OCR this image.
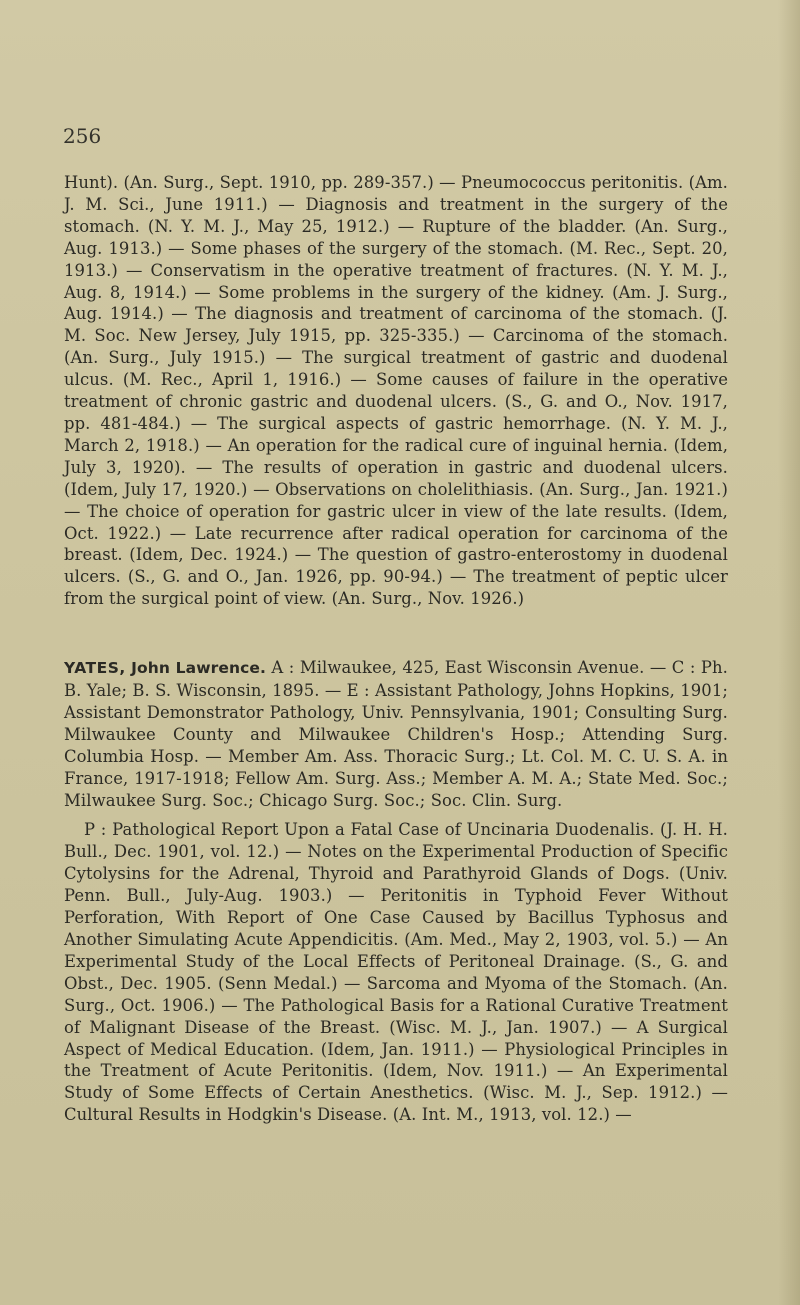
256

Hunt). (An. Surg., Sept. 1910, pp. 289-357.) — Pneumococcus peritonitis. (Am. J. M. Sci., June 1911.) — Diagnosis and treatment in the surgery of the stomach. (N. Y. M. J., May 25, 1912.) — Rupture of the bladder. (An. Surg., Aug. 1913.) — Some phases of the surgery of the stomach. (M. Rec., Sept. 20, 1913.) — Conservatism in the operative treatment of fractures. (N. Y. M. J., Aug. 8, 1914.) — Some problems in the surgery of the kidney. (Am. J. Surg., Aug. 1914.) — The diagnosis and treatment of carcinoma of the stomach. (J. M. Soc. New Jersey, July 1915, pp. 325-335.) — Carcinoma of the stomach. (An. Surg., July 1915.) — The surgical treatment of gastric and duodenal ulcus. (M. Rec., April 1, 1916.) — Some causes of failure in the operative treatment of chronic gastric and duodenal ulcers. (S., G. and O., Nov. 1917, pp. 481-484.) — The surgical aspects of gastric hemorrhage. (N. Y. M. J., March 2, 1918.) — An operation for the radical cure of inguinal hernia. (Idem, July 3, 1920). — The results of operation in gastric and duodenal ulcers. (Idem, July 17, 1920.) — Observations on cholelithiasis. (An. Surg., Jan. 1921.) — The choice of operation for gastric ulcer in view of the late results. (Idem, Oct. 1922.) — Late recurrence after radical operation for carcinoma of the breast. (Idem, Dec. 1924.) — The question of gastro-enterostomy in duodenal ulcers. (S., G. and O., Jan. 1926, pp. 90-94.) — The treatment of peptic ulcer from the surgical point of view. (An. Surg., Nov. 1926.)

YATES, John Lawrence. A : Milwaukee, 425, East Wisconsin Avenue. — C : Ph. B. Yale; B. S. Wisconsin, 1895. — E : Assistant Pathology, Johns Hopkins, 1901; Assistant Demonstrator Pathology, Univ. Pennsylvania, 1901; Consulting Surg. Milwaukee County and Milwaukee Children's Hosp.; Attending Surg. Columbia Hosp. — Member Am. Ass. Thoracic Surg.; Lt. Col. M. C. U. S. A. in France, 1917-1918; Fellow Am. Surg. Ass.; Member A. M. A.; State Med. Soc.; Milwaukee Surg. Soc.; Chicago Surg. Soc.; Soc. Clin. Surg.

P : Pathological Report Upon a Fatal Case of Uncinaria Duodenalis. (J. H. H. Bull., Dec. 1901, vol. 12.) — Notes on the Experimental Production of Specific Cytolysins for the Adrenal, Thyroid and Parathyroid Glands of Dogs. (Univ. Penn. Bull., July-Aug. 1903.) — Peritonitis in Typhoid Fever Without Perforation, With Report of One Case Caused by Bacillus Typhosus and Another Simulating Acute Appendicitis. (Am. Med., May 2, 1903, vol. 5.) — An Experimental Study of the Local Effects of Peritoneal Drainage. (S., G. and Obst., Dec. 1905. (Senn Medal.) — Sarcoma and Myoma of the Stomach. (An. Surg., Oct. 1906.) — The Pathological Basis for a Rational Curative Treatment of Malignant Disease of the Breast. (Wisc. M. J., Jan. 1907.) — A Surgical Aspect of Medical Education. (Idem, Jan. 1911.) — Physiological Principles in the Treatment of Acute Peritonitis. (Idem, Nov. 1911.) — An Experimental Study of Some Effects of Certain Anesthetics. (Wisc. M. J., Sep. 1912.) — Cultural Results in Hodgkin's Disease. (A. Int. M., 1913, vol. 12.) —
